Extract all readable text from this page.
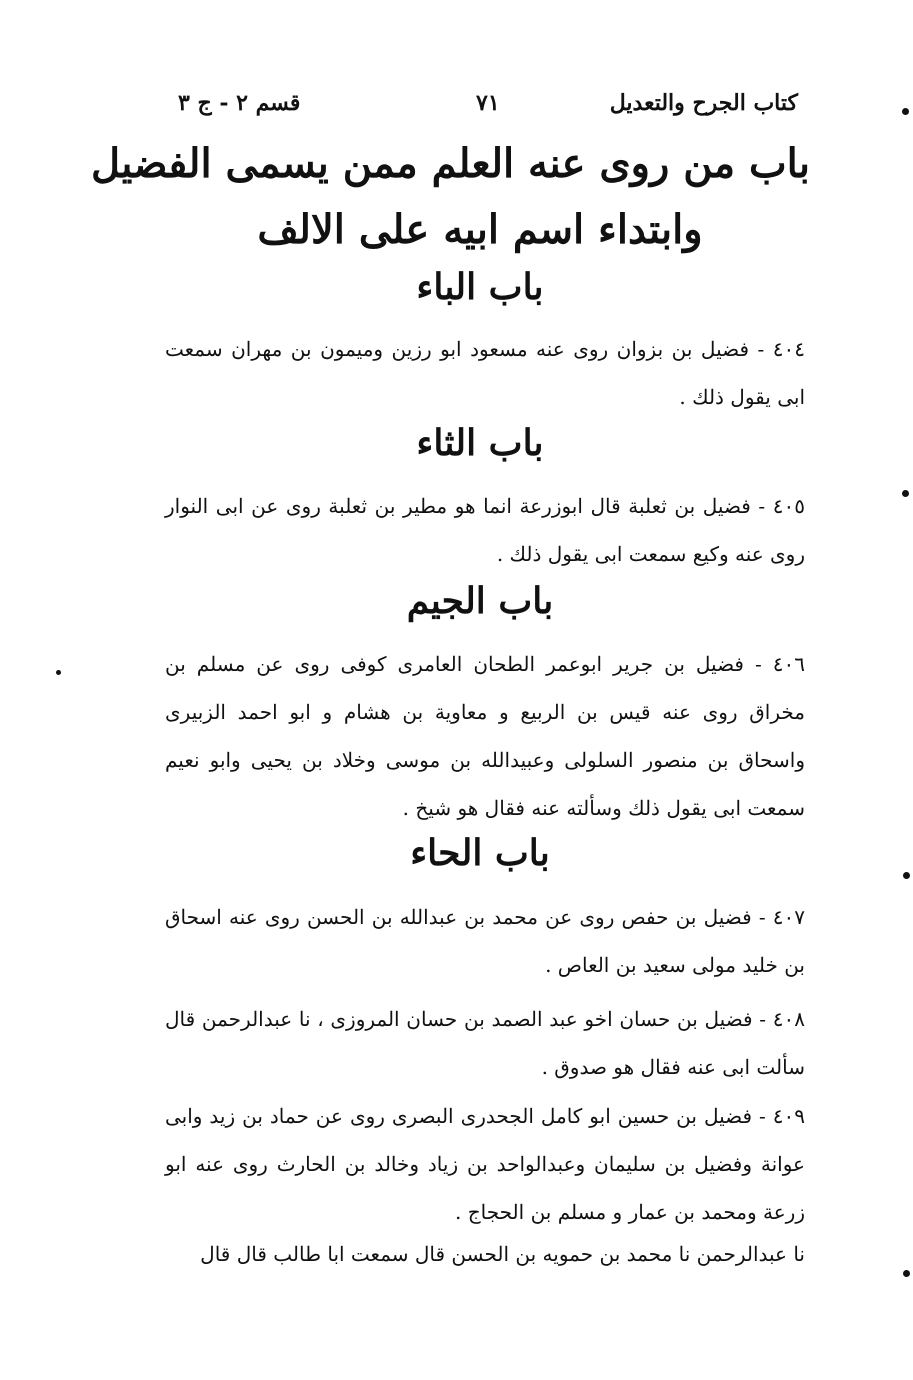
كتاب الجرح والتعديل
٧١
قسم ٢ - ج ٣
باب من روى عنه العلم ممن يسمى الفضيل
وابتداء اسم ابيه على الالف
باب الباء
٤٠٤ - فضيل بن بزوان روى عنه مسعود ابو رزين وميمون بن مهران سمعت ابى يقول ذلك .
باب الثاء
٤٠٥ - فضيل بن ثعلبة قال ابوزرعة انما هو مطير بن ثعلبة روى عن ابى النوار روى عنه وكيع سمعت ابى يقول ذلك .
باب الجيم
٤٠٦ - فضيل بن جرير ابوعمر الطحان العامرى كوفى روى عن مسلم بن مخراق روى عنه قيس بن الربيع و معاوية بن هشام و ابو احمد الزبيرى واسحاق بن منصور السلولى وعبيدالله بن موسى وخلاد بن يحيى وابو نعيم سمعت ابى يقول ذلك وسألته عنه فقال هو شيخ .
باب الحاء
٤٠٧ - فضيل بن حفص روى عن محمد بن عبدالله بن الحسن روى عنه اسحاق بن خليد مولى سعيد بن العاص .
٤٠٨ - فضيل بن حسان اخو عبد الصمد بن حسان المروزى ، نا عبدالرحمن قال سألت ابى عنه فقال هو صدوق .
٤٠٩ - فضيل بن حسين ابو كامل الجحدرى البصرى روى عن حماد بن زيد وابى عوانة وفضيل بن سليمان وعبدالواحد بن زياد وخالد بن الحارث روى عنه ابو زرعة ومحمد بن عمار و مسلم بن الحجاج .
نا عبدالرحمن نا محمد بن حمويه بن الحسن قال سمعت ابا طالب قال قال
